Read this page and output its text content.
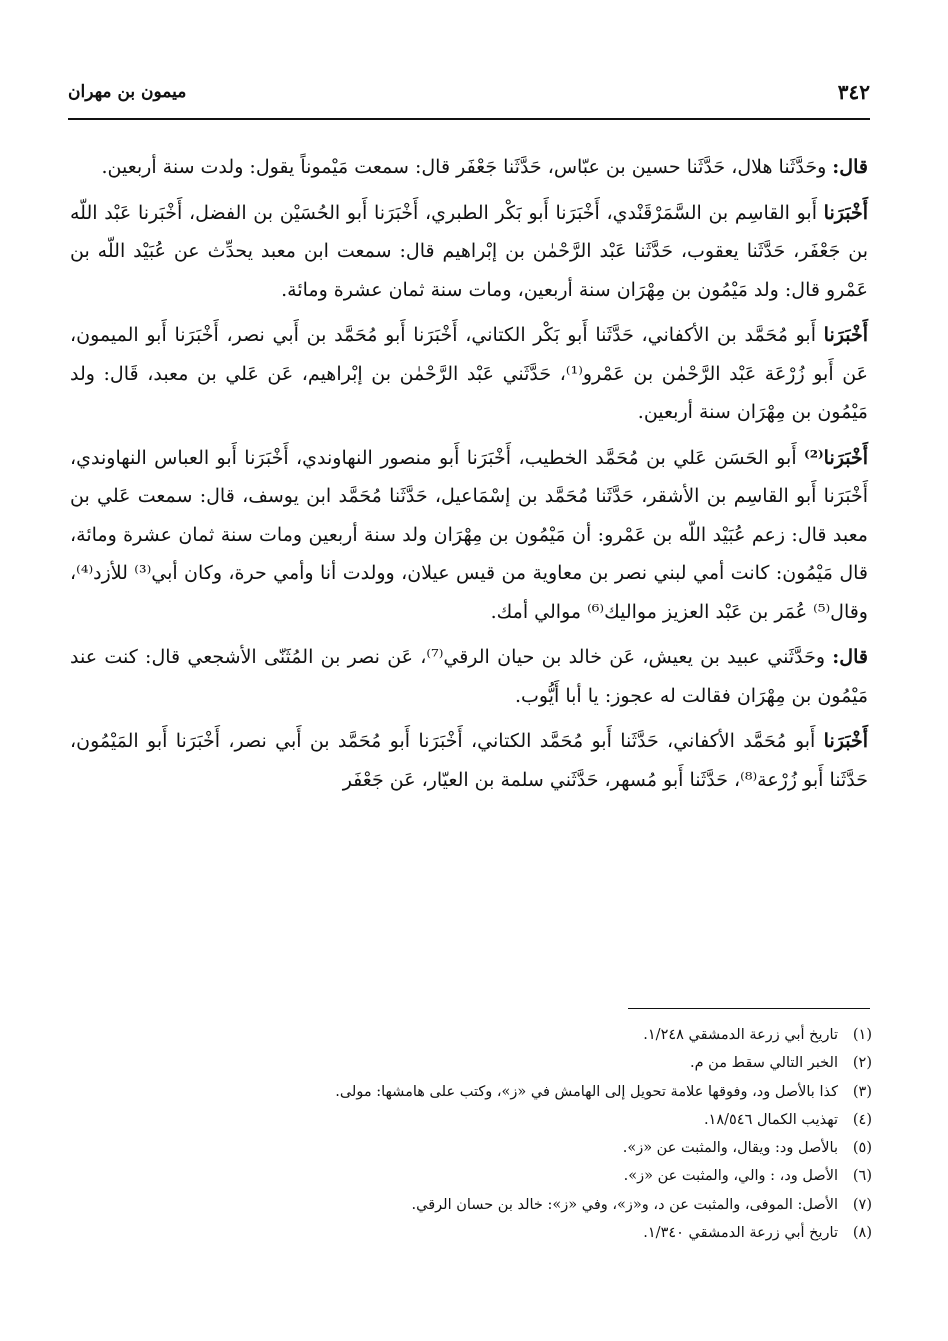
٣٤٢
ميمون بن مهران

قال: وحَدَّثَنا هلال، حَدَّثَنا حسين بن عبّاس، حَدَّثَنا جَعْفَر قال: سمعت مَيْموناً يقول: ولدت سنة أربعين.

أَخْبَرَنا أَبو القاسِم بن السَّمَرْقَنْدي، أَخْبَرَنا أَبو بَكْر الطبري، أَخْبَرَنا أَبو الحُسَيْن بن الفضل، أَخْبَرنا عَبْد اللّه بن جَعْفَر، حَدَّثَنا يعقوب، حَدَّثَنا عَبْد الرَّحْمٰن بن إبْراهيم قال: سمعت ابن معبد يحدِّث عن عُبَيْد اللّه بن عَمْرو قال: ولد مَيْمُون بن مِهْرَان سنة أربعين، ومات سنة ثمان عشرة ومائة.

أَخْبَرَنا أَبو مُحَمَّد بن الأكفاني، حَدَّثَنا أَبو بَكْر الكتاني، أَخْبَرَنا أَبو مُحَمَّد بن أَبي نصر، أَخْبَرَنا أَبو الميمون، عَن أَبو زُرْعَة عَبْد الرَّحْمٰن بن عَمْرو⁽¹⁾، حَدَّثَني عَبْد الرَّحْمٰن بن إبْراهيم، عَن عَلي بن معبد، قَال: ولد مَيْمُون بن مِهْرَان سنة أربعين.

أَخْبَرَنا⁽²⁾ أَبو الحَسَن عَلي بن مُحَمَّد الخطيب، أَخْبَرَنا أَبو منصور النهاوندي، أَخْبَرَنا أَبو العباس النهاوندي، أَخْبَرَنا أَبو القاسِم بن الأشقر، حَدَّثَنا مُحَمَّد بن إسْمَاعيل، حَدَّثَنا مُحَمَّد ابن يوسف، قال: سمعت عَلي بن معبد قال: زعم عُبَيْد اللّه بن عَمْرو: أن مَيْمُون بن مِهْرَان ولد سنة أربعين ومات سنة ثمان عشرة ومائة، قال مَيْمُون: كانت أمي لبني نصر بن معاوية من قيس عيلان، وولدت أنا وأمي حرة، وكان أبي⁽³⁾ للأزد⁽⁴⁾، وقال⁽⁵⁾ عُمَر بن عَبْد العزيز مواليك⁽⁶⁾ موالي أمك.

قال: وحَدَّثَني عبيد بن يعيش، عَن خالد بن حيان الرقي⁽⁷⁾، عَن نصر بن المُثَنّى الأشجعي قال: كنت عند مَيْمُون بن مِهْرَان فقالت له عجوز: يا أبا أَيُّوب.

أَخْبَرَنا أَبو مُحَمَّد الأكفاني، حَدَّثَنا أَبو مُحَمَّد الكتاني، أَخْبَرَنا أَبو مُحَمَّد بن أَبي نصر، أَخْبَرَنا أَبو المَيْمُون، حَدَّثَنا أَبو زُرْعة⁽⁸⁾، حَدَّثَنا أَبو مُسهر، حَدَّثَني سلمة بن العيّار، عَن جَعْفَر

(١)تاريخ أبي زرعة الدمشقي ١/٢٤٨.
(٢)الخبر التالي سقط من م.
(٣)كذا بالأصل ود، وفوقها علامة تحويل إلى الهامش في «ز»، وكتب على هامشها: مولى.
(٤)تهذيب الكمال ١٨/٥٤٦.
(٥)بالأصل ود: ويقال، والمثبت عن «ز».
(٦)الأصل ود، : والي، والمثبت عن «ز».
(٧)الأصل: الموفى، والمثبت عن د، و«ز»، وفي «ز»: خالد بن حسان الرقي.
(٨)تاريخ أبي زرعة الدمشقي ١/٣٤٠.
